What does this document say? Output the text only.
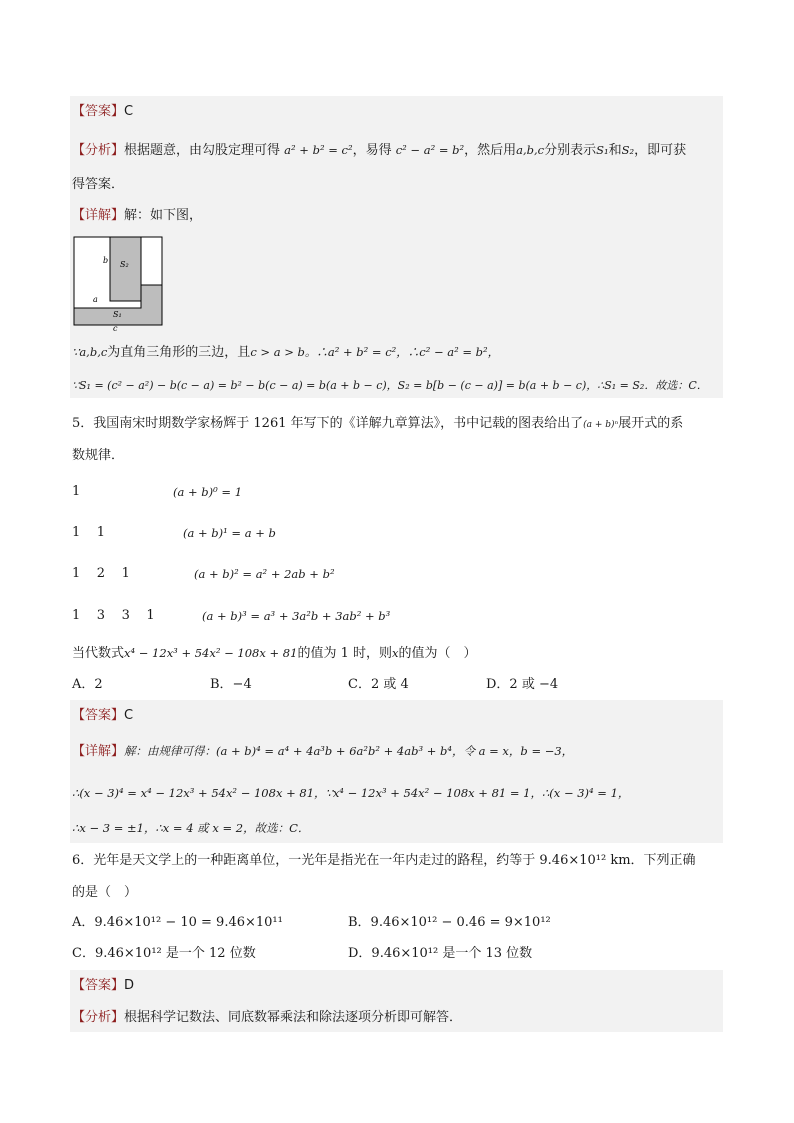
【答案】C
【分析】根据题意，由勾股定理可得 a² + b² = c²，易得 c² − a² = b²，然后用a,b,c分别表示S₁和S₂，即可获
得答案．
【详解】解：如下图，
b S₂
a
S₁
c
∵a,b,c为直角三角形的三边，且c > a > b。∴a² + b² = c²，∴c² − a² = b²，
∵S₁ = (c² − a²) − b(c − a) = b² − b(c − a) = b(a + b − c)，S₂ = b[b − (c − a)] = b(a + b − c)，∴S₁ = S₂．故选：C．
5．我国南宋时期数学家杨辉于 1261 年写下的《详解九章算法》，书中记载的图表给出了(a + b)ⁿ展开式的系
数规律．
1	(a + b)⁰ = 1
1    1	(a + b)¹ = a + b
1    2    1	(a + b)² = a² + 2ab + b²
1    3    3    1	(a + b)³ = a³ + 3a²b + 3ab² + b³
当代数式x⁴ − 12x³ + 54x² − 108x + 81的值为 1 时，则x的值为（　）
A．2	B．−4	C．2 或 4	D．2 或 −4
【答案】C
【详解】解：由规律可得：(a + b)⁴ = a⁴ + 4a³b + 6a²b² + 4ab³ + b⁴，令 a = x，b = −3，
∴(x − 3)⁴ = x⁴ − 12x³ + 54x² − 108x + 81，∵x⁴ − 12x³ + 54x² − 108x + 81 = 1，∴(x − 3)⁴ = 1，
∴x − 3 = ±1，∴x = 4 或 x = 2，故选：C．
6．光年是天文学上的一种距离单位，一光年是指光在一年内走过的路程，约等于 9.46×10¹² km．下列正确
的是（　）
A．9.46×10¹² − 10 = 9.46×10¹¹	B．9.46×10¹² − 0.46 = 9×10¹²
C．9.46×10¹² 是一个 12 位数	D．9.46×10¹² 是一个 13 位数
【答案】D
【分析】根据科学记数法、同底数幂乘法和除法逐项分析即可解答．
